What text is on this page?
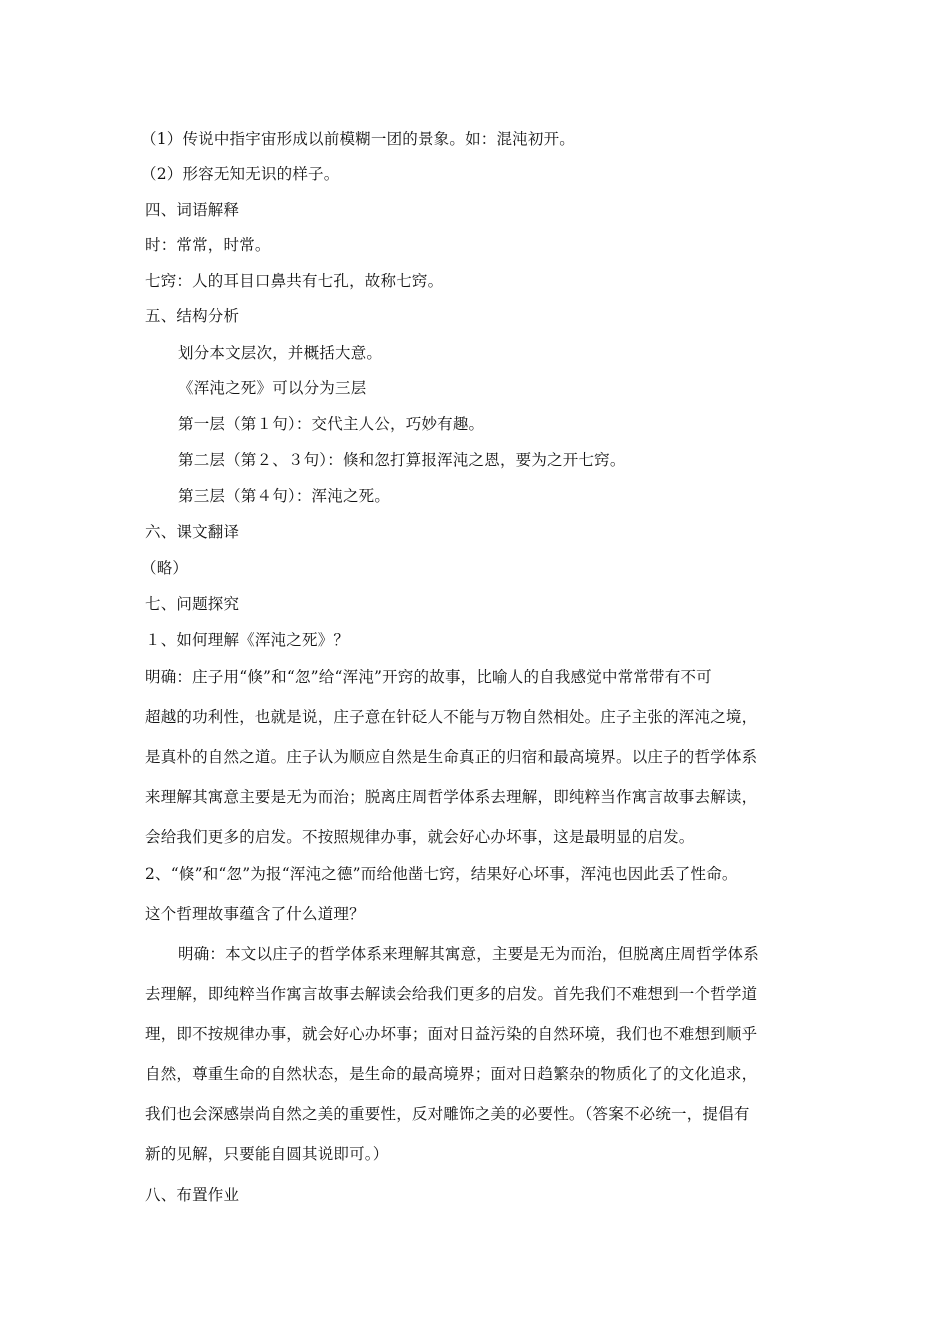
（1）传说中指宇宙形成以前模糊一团的景象。如：混沌初开。
（2）形容无知无识的样子。
四、词语解释
时：常常，时常。
七窍：人的耳目口鼻共有七孔，故称七窍。
五、结构分析
划分本文层次，并概括大意。
《浑沌之死》可以分为三层
第一层（第１句）：交代主人公，巧妙有趣。
第二层（第２、３句）：倏和忽打算报浑沌之恩，要为之开七窍。
第三层（第４句）：浑沌之死。
六、课文翻译
（略）
七、问题探究
１、如何理解《浑沌之死》？
明确：庄子用“倏”和“忽”给“浑沌”开窍的故事，比喻人的自我感觉中常常带有不可
超越的功利性，也就是说，庄子意在针砭人不能与万物自然相处。庄子主张的浑沌之境，
是真朴的自然之道。庄子认为顺应自然是生命真正的归宿和最高境界。以庄子的哲学体系
来理解其寓意主要是无为而治；脱离庄周哲学体系去理解，即纯粹当作寓言故事去解读，
会给我们更多的启发。不按照规律办事，就会好心办坏事，这是最明显的启发。
2、“倏”和“忽”为报“浑沌之德”而给他凿七窍，结果好心坏事，浑沌也因此丢了性命。
这个哲理故事蕴含了什么道理？
明确：本文以庄子的哲学体系来理解其寓意，主要是无为而治，但脱离庄周哲学体系
去理解，即纯粹当作寓言故事去解读会给我们更多的启发。首先我们不难想到一个哲学道
理，即不按规律办事，就会好心办坏事；面对日益污染的自然环境，我们也不难想到顺乎
自然，尊重生命的自然状态，是生命的最高境界；面对日趋繁杂的物质化了的文化追求，
我们也会深感崇尚自然之美的重要性，反对雕饰之美的必要性。（答案不必统一，提倡有
新的见解，只要能自圆其说即可。）
八、布置作业
